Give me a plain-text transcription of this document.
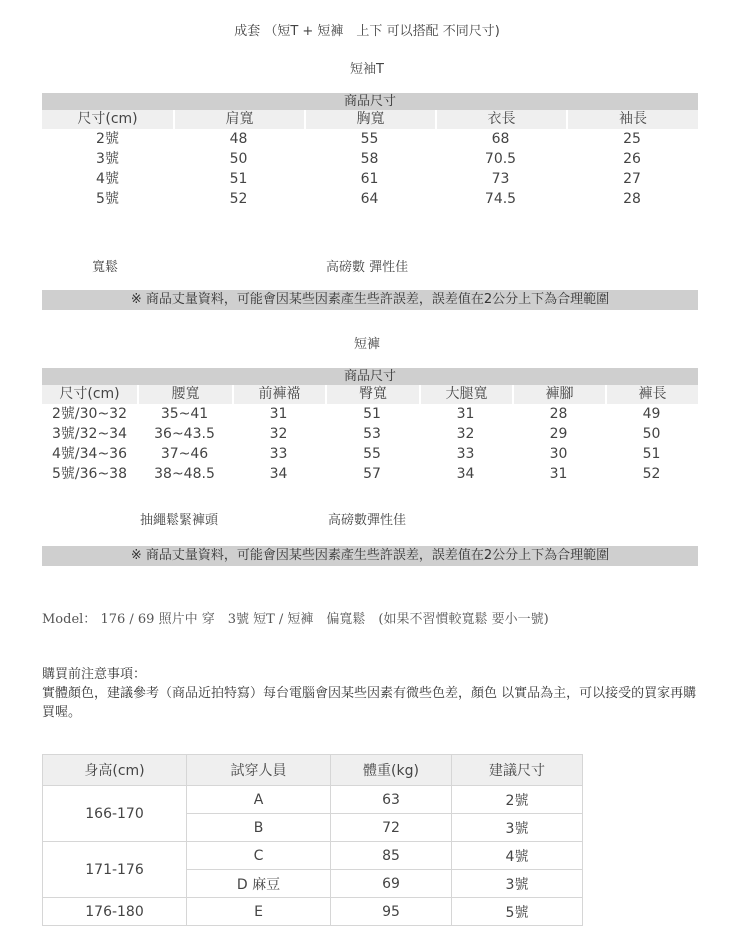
成套 （短T + 短褲　上下 可以搭配 不同尺寸)
短袖T
商品尺寸				
尺寸(cm)	肩寬	胸寬	衣長	袖長
2號	48	55	68	25
3號	50	58	70.5	26
4號	51	61	73	27
5號	52	64	74.5	28
寬鬆	高磅數 彈性佳
※ 商品丈量資料，可能會因某些因素產生些許誤差，誤差值在2公分上下為合理範圍
短褲
商品尺寸						
尺寸(cm)	腰寬	前褲襠	臀寬	大腿寬	褲腳	褲長
2號/30~32	35~41	31	51	31	28	49
3號/32~34	36~43.5	32	53	32	29	50
4號/34~36	37~46	33	55	33	30	51
5號/36~38	38~48.5	34	57	34	31	52
抽繩鬆緊褲頭	高磅數彈性佳
※ 商品丈量資料，可能會因某些因素產生些許誤差，誤差值在2公分上下為合理範圍
Model： 176 / 69 照片中 穿　3號 短T / 短褲　偏寬鬆　(如果不習慣較寬鬆 要小一號)
購買前注意事項：
實體顏色，建議參考（商品近拍特寫）每台電腦會因某些因素有微些色差，顏色 以實品為主，可以接受的買家再購買喔。
身高(cm)	試穿人員	體重(kg)	建議尺寸
166-170	A	63	2號
	B	72	3號
171-176	C	85	4號
	D 麻豆	69	3號
176-180	E	95	5號
